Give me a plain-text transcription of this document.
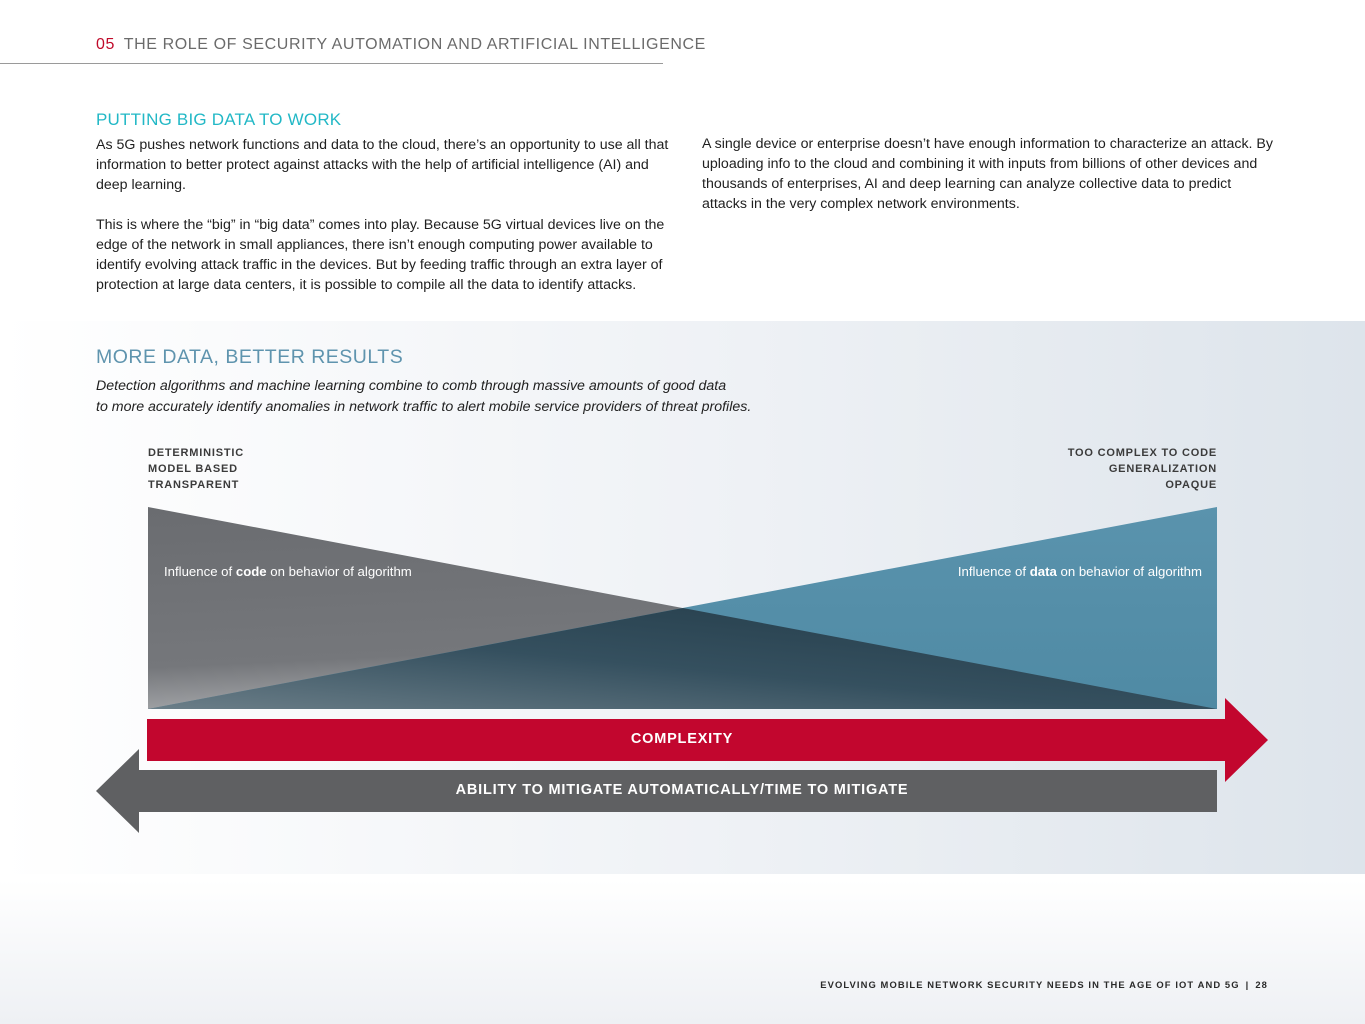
05 THE ROLE OF SECURITY AUTOMATION AND ARTIFICIAL INTELLIGENCE
PUTTING BIG DATA TO WORK

As 5G pushes network functions and data to the cloud, there’s an opportunity to use all that information to better protect against attacks with the help of artificial intelligence (AI) and deep learning.

This is where the “big” in “big data” comes into play. Because 5G virtual devices live on the edge of the network in small appliances, there isn’t enough computing power available to identify evolving attack traffic in the devices. But by feeding traffic through an extra layer of protection at large data centers, it is possible to compile all the data to identify attacks.

A single device or enterprise doesn’t have enough information to characterize an attack. By uploading info to the cloud and combining it with inputs from billions of other devices and thousands of enterprises, AI and deep learning can analyze collective data to predict attacks in the very complex network environments.

MORE DATA, BETTER RESULTS
Detection algorithms and machine learning combine to comb through massive amounts of good data
to more accurately identify anomalies in network traffic to alert mobile service providers of threat profiles.
DETERMINISTIC
MODEL BASED
TRANSPARENT
TOO COMPLEX TO CODE
GENERALIZATION
OPAQUE
Influence of code on behavior of algorithm	Influence of data on behavior of algorithm
COMPLEXITY
ABILITY TO MITIGATE AUTOMATICALLY/TIME TO MITIGATE
EVOLVING MOBILE NETWORK SECURITY NEEDS IN THE AGE OF IOT AND 5G | 28
